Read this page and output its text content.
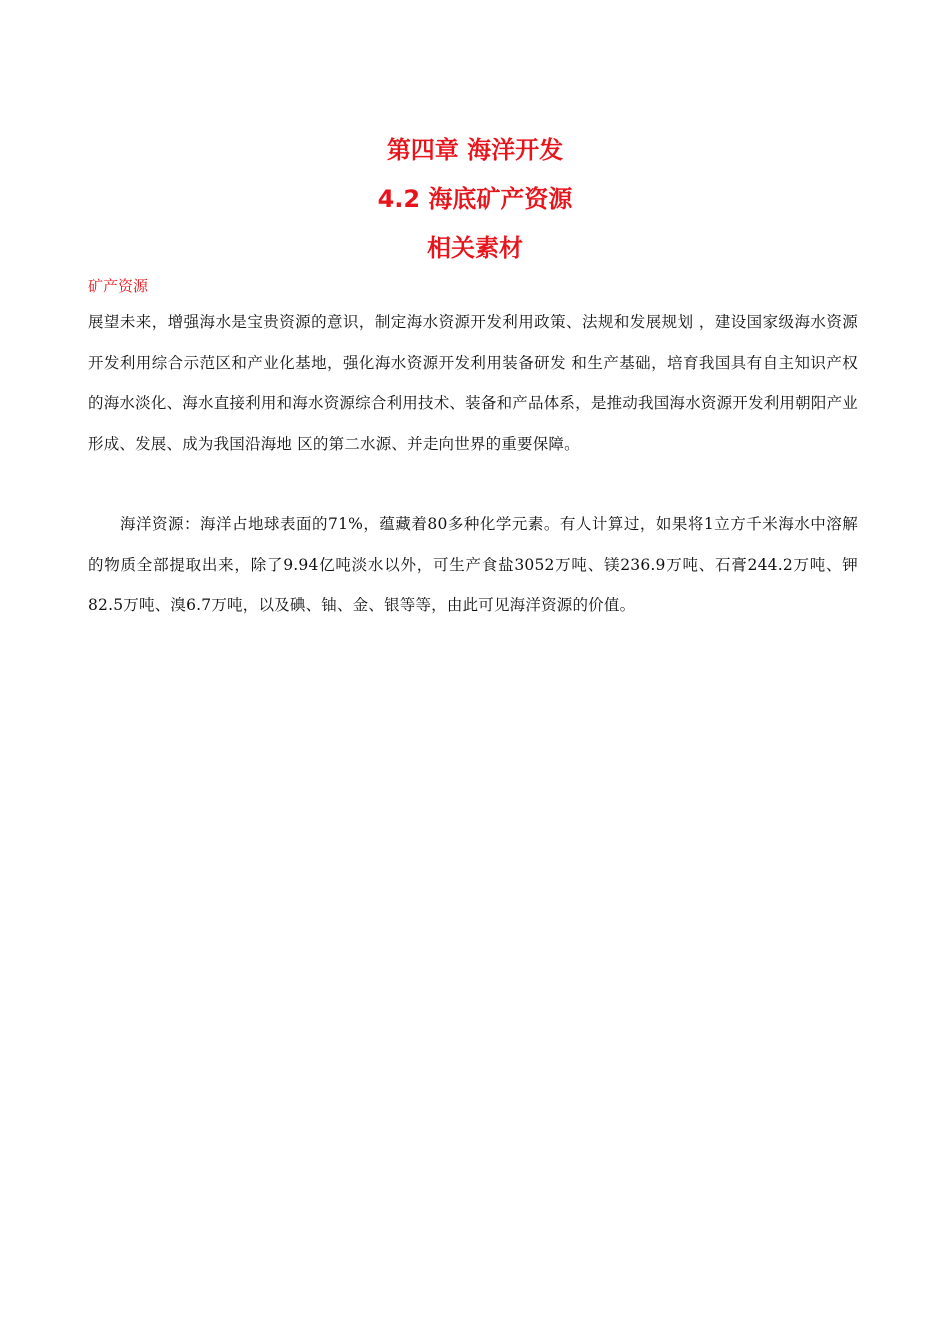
第四章 海洋开发
4.2 海底矿产资源
相关素材

矿产资源

展望未来，增强海水是宝贵资源的意识，制定海水资源开发利用政策、法规和发展规划 ，建设国家级海水资源开发利用综合示范区和产业化基地，强化海水资源开发利用装备研发 和生产基础，培育我国具有自主知识产权的海水淡化、海水直接利用和海水资源综合利用技术、装备和产品体系，是推动我国海水资源开发利用朝阳产业形成、发展、成为我国沿海地 区的第二水源、并走向世界的重要保障。

海洋资源：海洋占地球表面的71%，蕴藏着80多种化学元素。有人计算过，如果将1立方千米海水中溶解的物质全部提取出来，除了9.94亿吨淡水以外，可生产食盐3052万吨、镁236.9万吨、石膏244.2万吨、钾82.5万吨、溴6.7万吨，以及碘、铀、金、银等等，由此可见海洋资源的价值。
